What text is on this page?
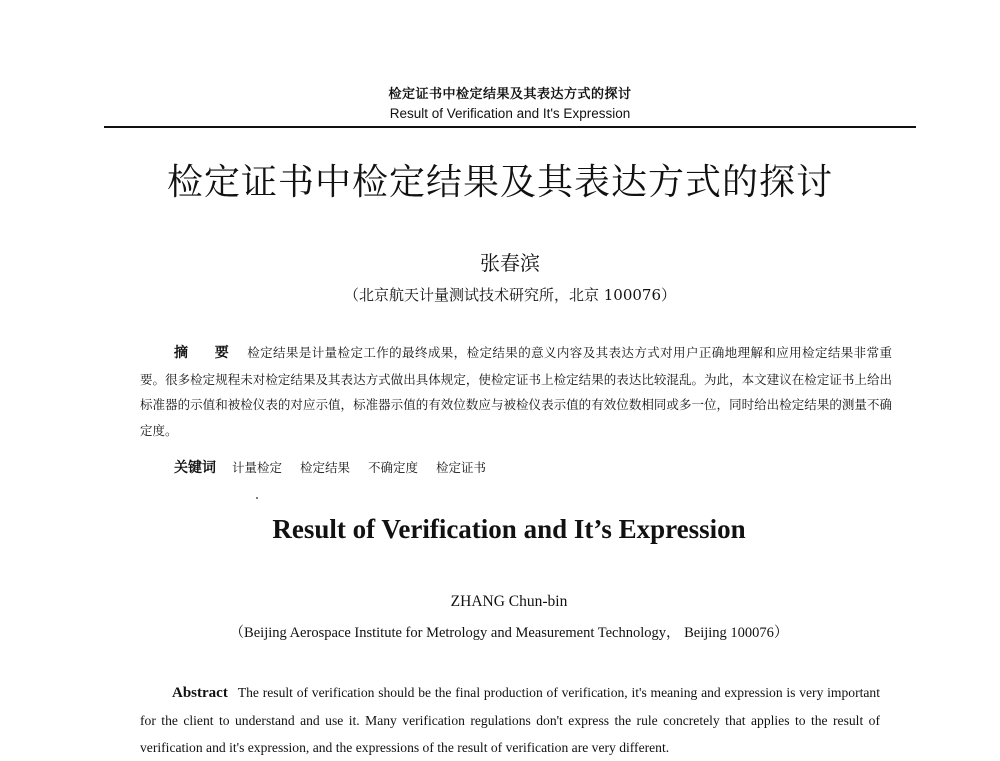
检定证书中检定结果及其表达方式的探讨
Result of Verification and It's Expression
检定证书中检定结果及其表达方式的探讨
张春滨
（北京航天计量测试技术研究所，北京 100076）

摘　要 检定结果是计量检定工作的最终成果，检定结果的意义内容及其表达方式对用户正确地理解和应用检定结果非常重要。很多检定规程未对检定结果及其表达方式做出具体规定，使检定证书上检定结果的表达比较混乱。为此，本文建议在检定证书上给出标准器的示值和被检仪表的对应示值，标准器示值的有效位数应与被检仪表示值的有效位数相同或多一位，同时给出检定结果的测量不确定度。

关键词 计量检定 检定结果 不确定度 检定证书

Result of Verification and It’s Expression
ZHANG Chun-bin
（Beijing Aerospace Institute for Metrology and Measurement Technology， Beijing 100076）

Abstract The result of verification should be the final production of verification, it's meaning and expression is very important for the client to understand and use it. Many verification regulations don't express the rule concretely that applies to the result of verification and it's expression, and the expressions of the result of verification are very different.
